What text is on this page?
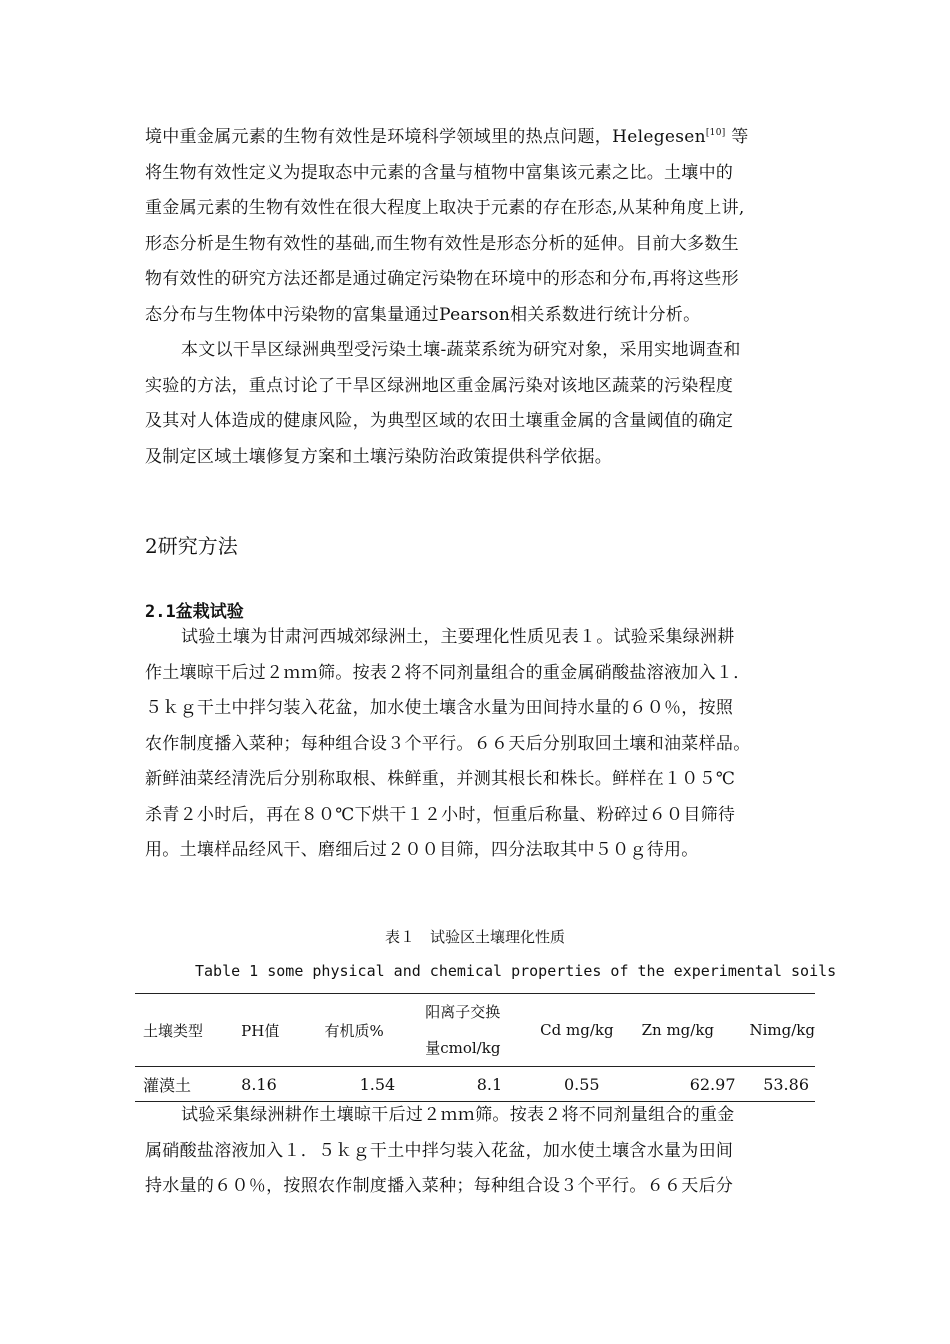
境中重金属元素的生物有效性是环境科学领域里的热点问题，Helegesen[10] 等
将生物有效性定义为提取态中元素的含量与植物中富集该元素之比。土壤中的
重金属元素的生物有效性在很大程度上取决于元素的存在形态,从某种角度上讲,
形态分析是生物有效性的基础,而生物有效性是形态分析的延伸。目前大多数生
物有效性的研究方法还都是通过确定污染物在环境中的形态和分布,再将这些形
态分布与生物体中污染物的富集量通过Pearson相关系数进行统计分析。

本文以干旱区绿洲典型受污染土壤-蔬菜系统为研究对象，采用实地调查和
实验的方法，重点讨论了干旱区绿洲地区重金属污染对该地区蔬菜的污染程度
及其对人体造成的健康风险，为典型区域的农田土壤重金属的含量阈值的确定
及制定区域土壤修复方案和土壤污染防治政策提供科学依据。

2研究方法
2.1盆栽试验

试验土壤为甘肃河西城郊绿洲土，主要理化性质见表１。试验采集绿洲耕
作土壤晾干后过２ｍｍ筛。按表２将不同剂量组合的重金属硝酸盐溶液加入１．
５ｋｇ干土中拌匀装入花盆，加水使土壤含水量为田间持水量的６０％，按照
农作制度播入菜种；每种组合设３个平行。６６天后分别取回土壤和油菜样品。
新鲜油菜经清洗后分别称取根、株鲜重，并测其根长和株长。鲜样在１０５℃
杀青２小时后，再在８０℃下烘干１２小时，恒重后称量、粉碎过６０目筛待
用。土壤样品经风干、磨细后过２００目筛，四分法取其中５０ｇ待用。

表１　试验区土壤理化性质
Table 1 some physical and chemical properties of the experimental soils
土壤类型	PH值	有机质%	阳离子交换
量cmol/kg	Cd mg/kg	Zn mg/kg	Nimg/kg
灌漠土	8.16	1.54	8.1	0.55	62.97	53.86

试验采集绿洲耕作土壤晾干后过２ｍｍ筛。按表２将不同剂量组合的重金
属硝酸盐溶液加入１．５ｋｇ干土中拌匀装入花盆，加水使土壤含水量为田间
持水量的６０％，按照农作制度播入菜种；每种组合设３个平行。６６天后分
